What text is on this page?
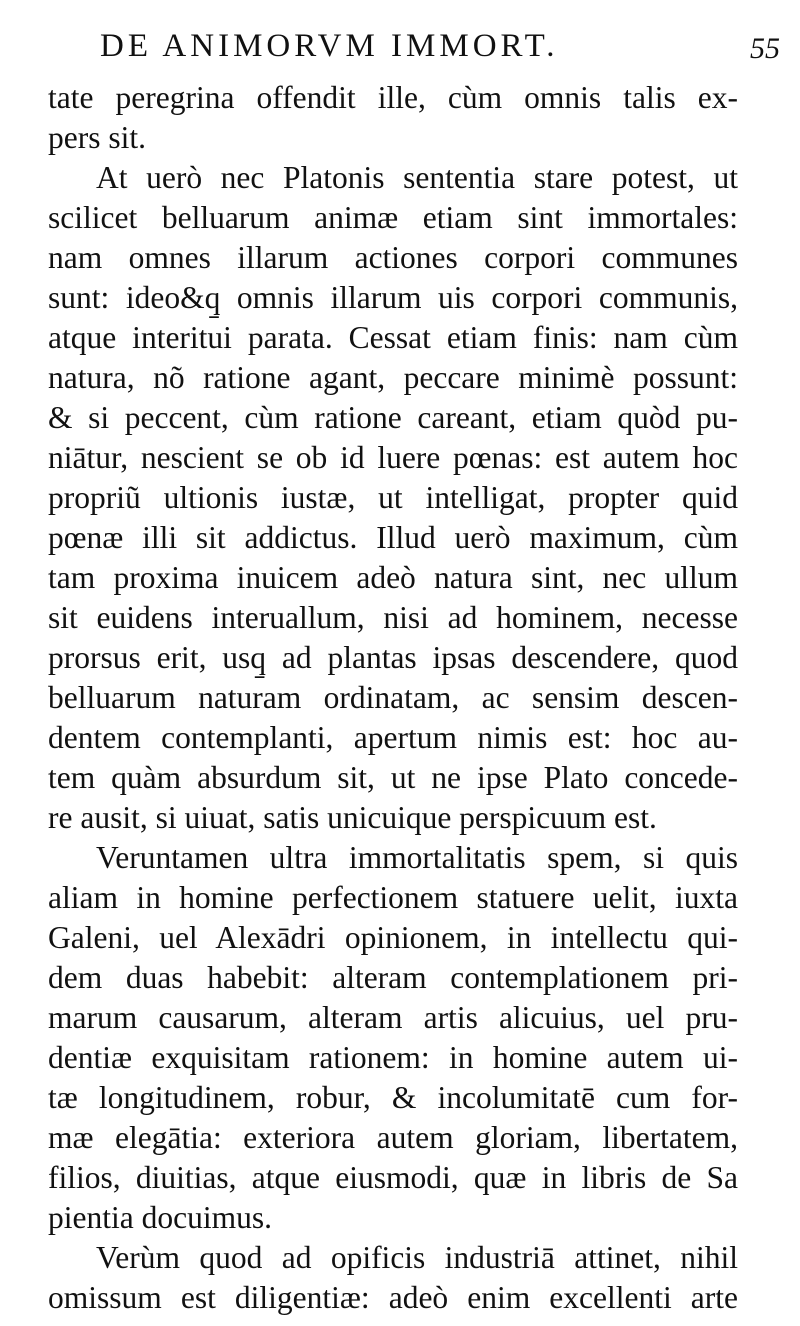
DE ANIMORVM IMMORT.	55
tate peregrina offendit ille, cùm omnis talis ex-
pers sit.
At uerò nec Platonis sententia stare potest, ut
scilicet belluarum animæ etiam sint immortales:
nam omnes illarum actiones corpori communes
sunt: ideo&q̱ omnis illarum uis corpori communis,
atque interitui parata. Cessat etiam finis: nam cùm
natura, nõ ratione agant, peccare minimè possunt:
& si peccent, cùm ratione careant, etiam quòd pu-
niātur, nescient se ob id luere pœnas: est autem hoc
propriũ ultionis iustæ, ut intelligat, propter quid
pœnæ illi sit addictus. Illud uerò maximum, cùm
tam proxima inuicem adeò natura sint, nec ullum
sit euidens interuallum, nisi ad hominem, necesse
prorsus erit, usq̱ ad plantas ipsas descendere, quod
belluarum naturam ordinatam, ac sensim descen-
dentem contemplanti, apertum nimis est: hoc au-
tem quàm absurdum sit, ut ne ipse Plato concede-
re ausit, si uiuat, satis unicuique perspicuum est.
Veruntamen ultra immortalitatis spem, si quis
aliam in homine perfectionem statuere uelit, iuxta
Galeni, uel Alexādri opinionem, in intellectu qui-
dem duas habebit: alteram contemplationem pri-
marum causarum, alteram artis alicuius, uel pru-
dentiæ exquisitam rationem: in homine autem ui-
tæ longitudinem, robur, & incolumitatē cum for-
mæ elegātia: exteriora autem gloriam, libertatem,
filios, diuitias, atque eiusmodi, quæ in libris de Sa
pientia docuimus.
Verùm quod ad opificis industriā attinet, nihil
omissum est diligentiæ: adeò enim excellenti arte
